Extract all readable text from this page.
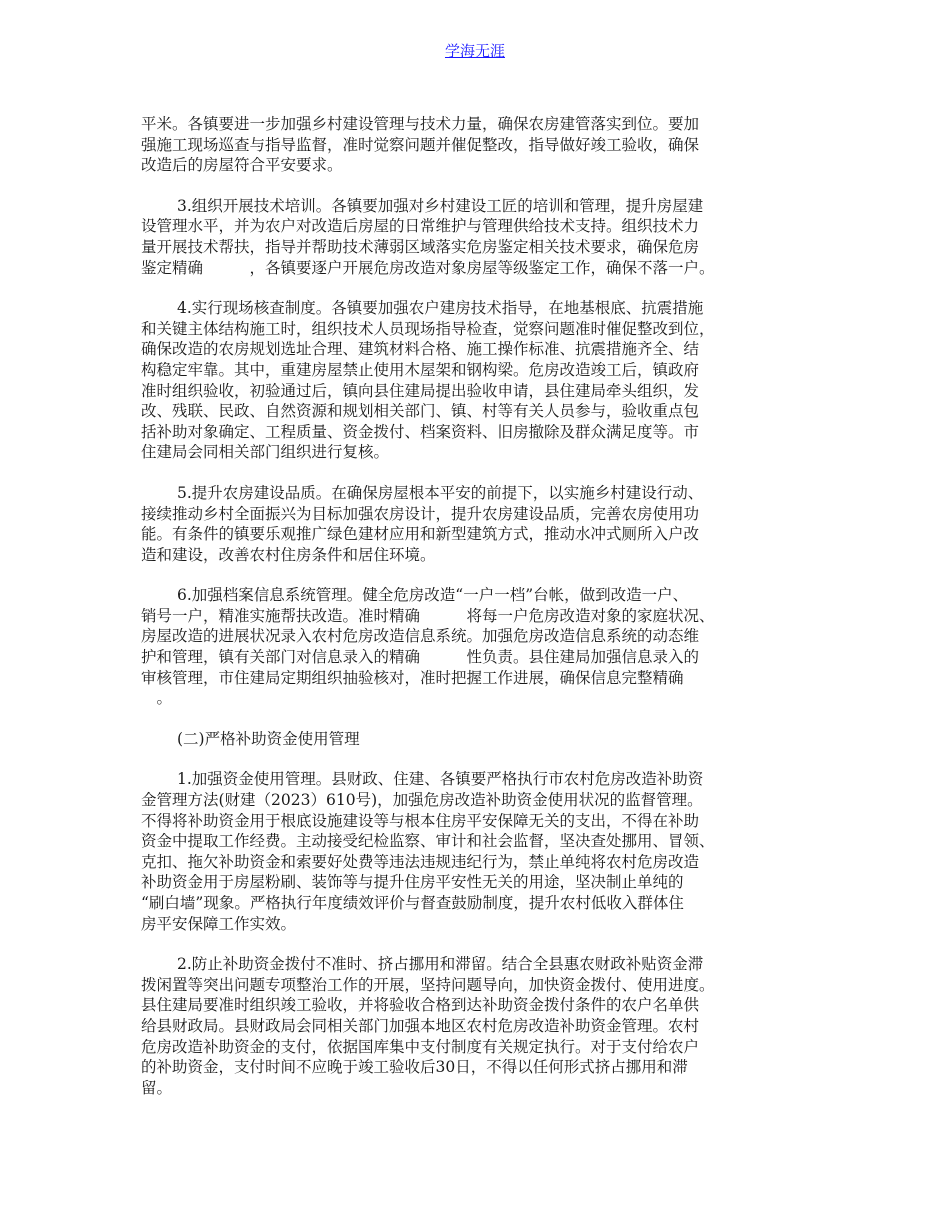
学海无涯
平米。各镇要进一步加强乡村建设管理与技术力量，确保农房建管落实到位。要加
强施工现场巡查与指导监督，准时觉察问题并催促整改，指导做好竣工验收，确保
改造后的房屋符合平安要求。
3.组织开展技术培训。各镇要加强对乡村建设工匠的培训和管理，提升房屋建
设管理水平，并为农户对改造后房屋的日常维护与管理供给技术支持。组织技术力
量开展技术帮扶，指导并帮助技术薄弱区域落实危房鉴定相关技术要求，确保危房
鉴定精确　　　，各镇要逐户开展危房改造对象房屋等级鉴定工作，确保不落一户。
4.实行现场核查制度。各镇要加强农户建房技术指导，在地基根底、抗震措施
和关键主体结构施工时，组织技术人员现场指导检查，觉察问题准时催促整改到位，
确保改造的农房规划选址合理、建筑材料合格、施工操作标准、抗震措施齐全、结
构稳定牢靠。其中，重建房屋禁止使用木屋架和钢构梁。危房改造竣工后，镇政府
准时组织验收，初验通过后，镇向县住建局提出验收申请，县住建局牵头组织，发
改、残联、民政、自然资源和规划相关部门、镇、村等有关人员参与，验收重点包
括补助对象确定、工程质量、资金拨付、档案资料、旧房撤除及群众满足度等。市
住建局会同相关部门组织进行复核。
5.提升农房建设品质。在确保房屋根本平安的前提下，以实施乡村建设行动、
接续推动乡村全面振兴为目标加强农房设计，提升农房建设品质，完善农房使用功
能。有条件的镇要乐观推广绿色建材应用和新型建筑方式，推动水冲式厕所入户改
造和建设，改善农村住房条件和居住环境。
6.加强档案信息系统管理。健全危房改造“一户一档”台帐，做到改造一户、
销号一户，精准实施帮扶改造。准时精确　　　将每一户危房改造对象的家庭状况、
房屋改造的进展状况录入农村危房改造信息系统。加强危房改造信息系统的动态维
护和管理，镇有关部门对信息录入的精确　　　性负责。县住建局加强信息录入的
审核管理，市住建局定期组织抽验核对，准时把握工作进展，确保信息完整精确
　。
(二)严格补助资金使用管理
1.加强资金使用管理。县财政、住建、各镇要严格执行市农村危房改造补助资
金管理方法(财建（2023）610号)，加强危房改造补助资金使用状况的监督管理。
不得将补助资金用于根底设施建设等与根本住房平安保障无关的支出，不得在补助
资金中提取工作经费。主动接受纪检监察、审计和社会监督，坚决查处挪用、冒领、
克扣、拖欠补助资金和索要好处费等违法违规违纪行为，禁止单纯将农村危房改造
补助资金用于房屋粉刷、装饰等与提升住房平安性无关的用途，坚决制止单纯的
“刷白墙”现象。严格执行年度绩效评价与督查鼓励制度，提升农村低收入群体住
房平安保障工作实效。
2.防止补助资金拨付不准时、挤占挪用和滞留。结合全县惠农财政补贴资金滞
拨闲置等突出问题专项整治工作的开展，坚持问题导向，加快资金拨付、使用进度。
县住建局要准时组织竣工验收，并将验收合格到达补助资金拨付条件的农户名单供
给县财政局。县财政局会同相关部门加强本地区农村危房改造补助资金管理。农村
危房改造补助资金的支付，依据国库集中支付制度有关规定执行。对于支付给农户
的补助资金，支付时间不应晚于竣工验收后30日，不得以任何形式挤占挪用和滞
留。
